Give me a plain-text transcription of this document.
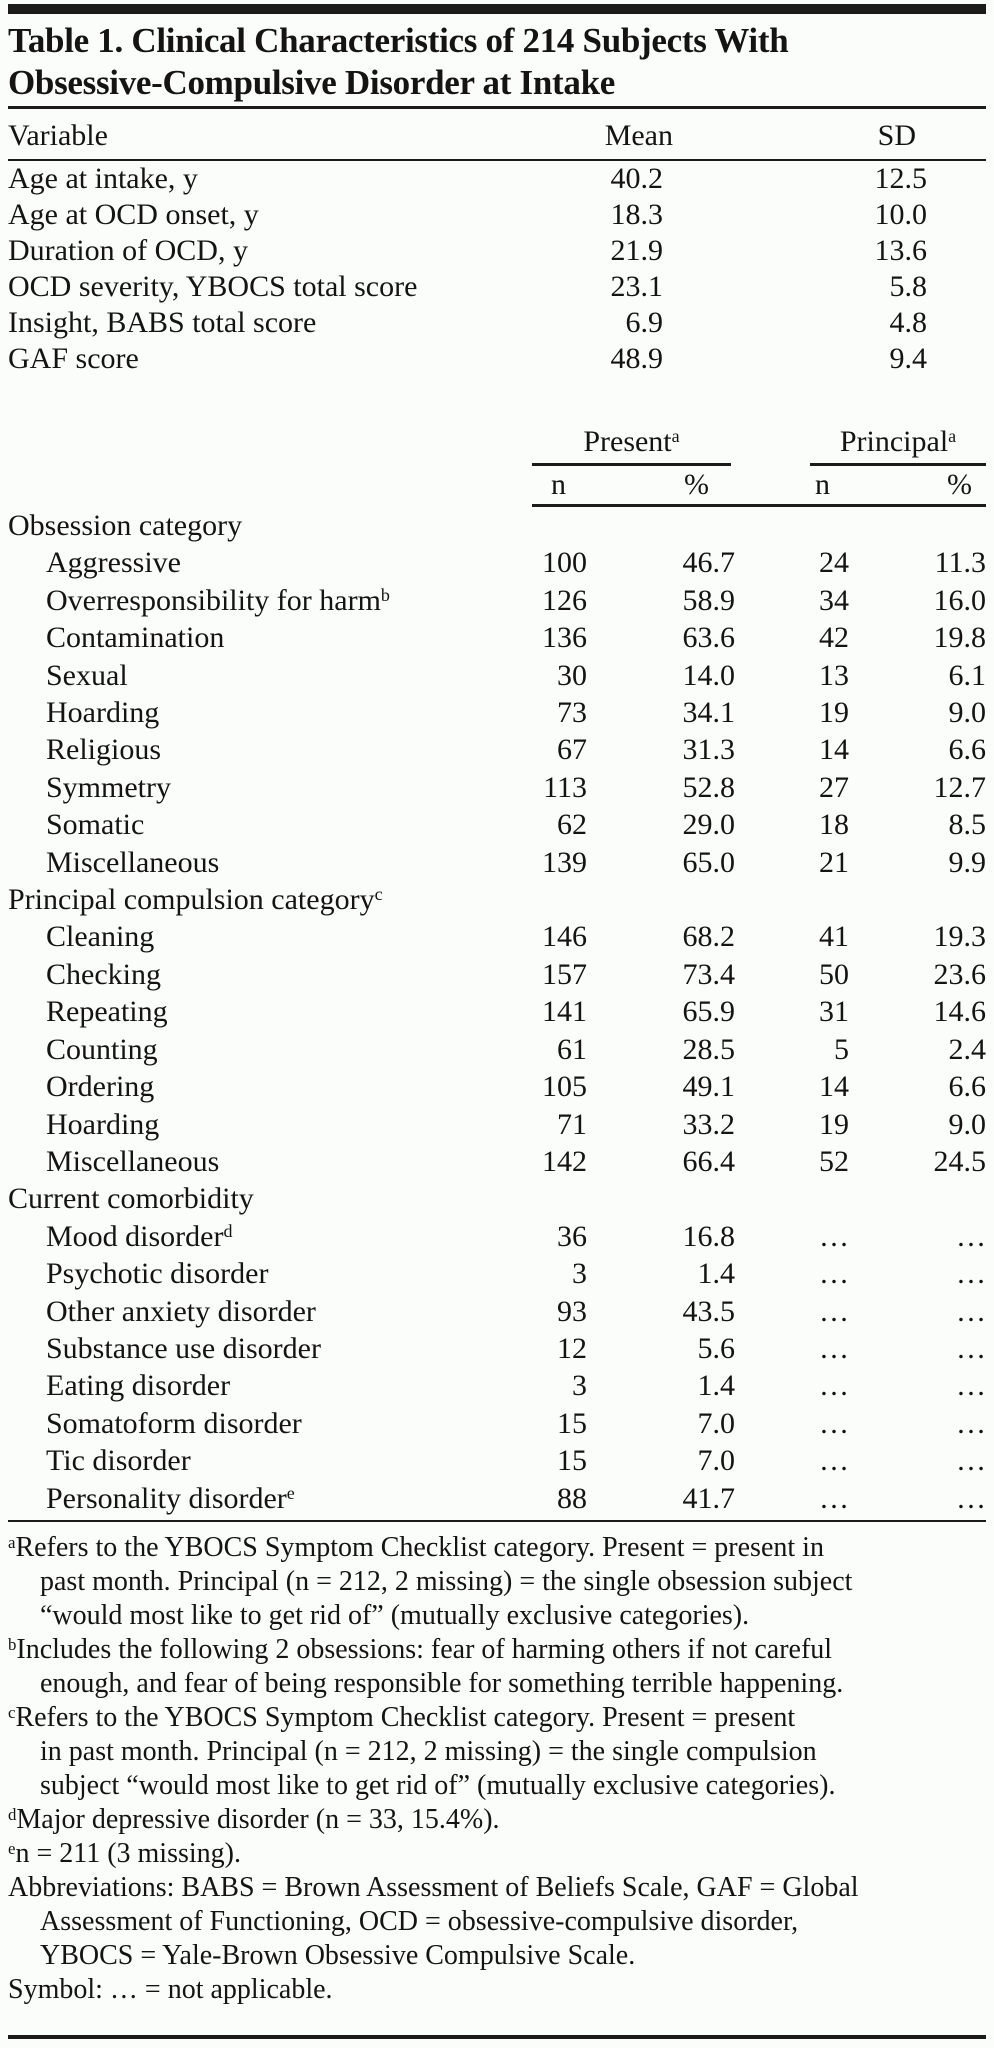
Table 1. Clinical Characteristics of 214 Subjects With
Obsessive-Compulsive Disorder at Intake
Variable	Mean	SD
Age at intake, y	40.2	12.5
Age at OCD onset, y	18.3	10.0
Duration of OCD, y	21.9	13.6
OCD severity, YBOCS total score	23.1	5.8
Insight, BABS total score	6.9	4.8
GAF score	48.9	9.4
Present$^a$	Principal$^a$
n	%	n	%
Obsession category
Aggressive	100	46.7	24	11.3
Overresponsibility for harm$^b$	126	58.9	34	16.0
Contamination	136	63.6	42	19.8
Sexual	30	14.0	13	6.1
Hoarding	73	34.1	19	9.0
Religious	67	31.3	14	6.6
Symmetry	113	52.8	27	12.7
Somatic	62	29.0	18	8.5
Miscellaneous	139	65.0	21	9.9
Principal compulsion category$^c$
Cleaning	146	68.2	41	19.3
Checking	157	73.4	50	23.6
Repeating	141	65.9	31	14.6
Counting	61	28.5	5	2.4
Ordering	105	49.1	14	6.6
Hoarding	71	33.2	19	9.0
Miscellaneous	142	66.4	52	24.5
Current comorbidity
Mood disorder$^d$	36	16.8	…	…
Psychotic disorder	3	1.4	…	…
Other anxiety disorder	93	43.5	…	…
Substance use disorder	12	5.6	…	…
Eating disorder	3	1.4	…	…
Somatoform disorder	15	7.0	…	…
Tic disorder	15	7.0	…	…
Personality disorder$^e$	88	41.7	…	…
$^a$Refers to the YBOCS Symptom Checklist category. Present = present in
past month. Principal (n = 212, 2 missing) = the single obsession subject
“would most like to get rid of” (mutually exclusive categories).
$^b$Includes the following 2 obsessions: fear of harming others if not careful
enough, and fear of being responsible for something terrible happening.
$^c$Refers to the YBOCS Symptom Checklist category. Present = present
in past month. Principal (n = 212, 2 missing) = the single compulsion
subject “would most like to get rid of” (mutually exclusive categories).
$^d$Major depressive disorder (n = 33, 15.4%).
$^e$n = 211 (3 missing).
Abbreviations: BABS = Brown Assessment of Beliefs Scale, GAF = Global
Assessment of Functioning, OCD = obsessive-compulsive disorder,
YBOCS = Yale-Brown Obsessive Compulsive Scale.
Symbol: … = not applicable.
